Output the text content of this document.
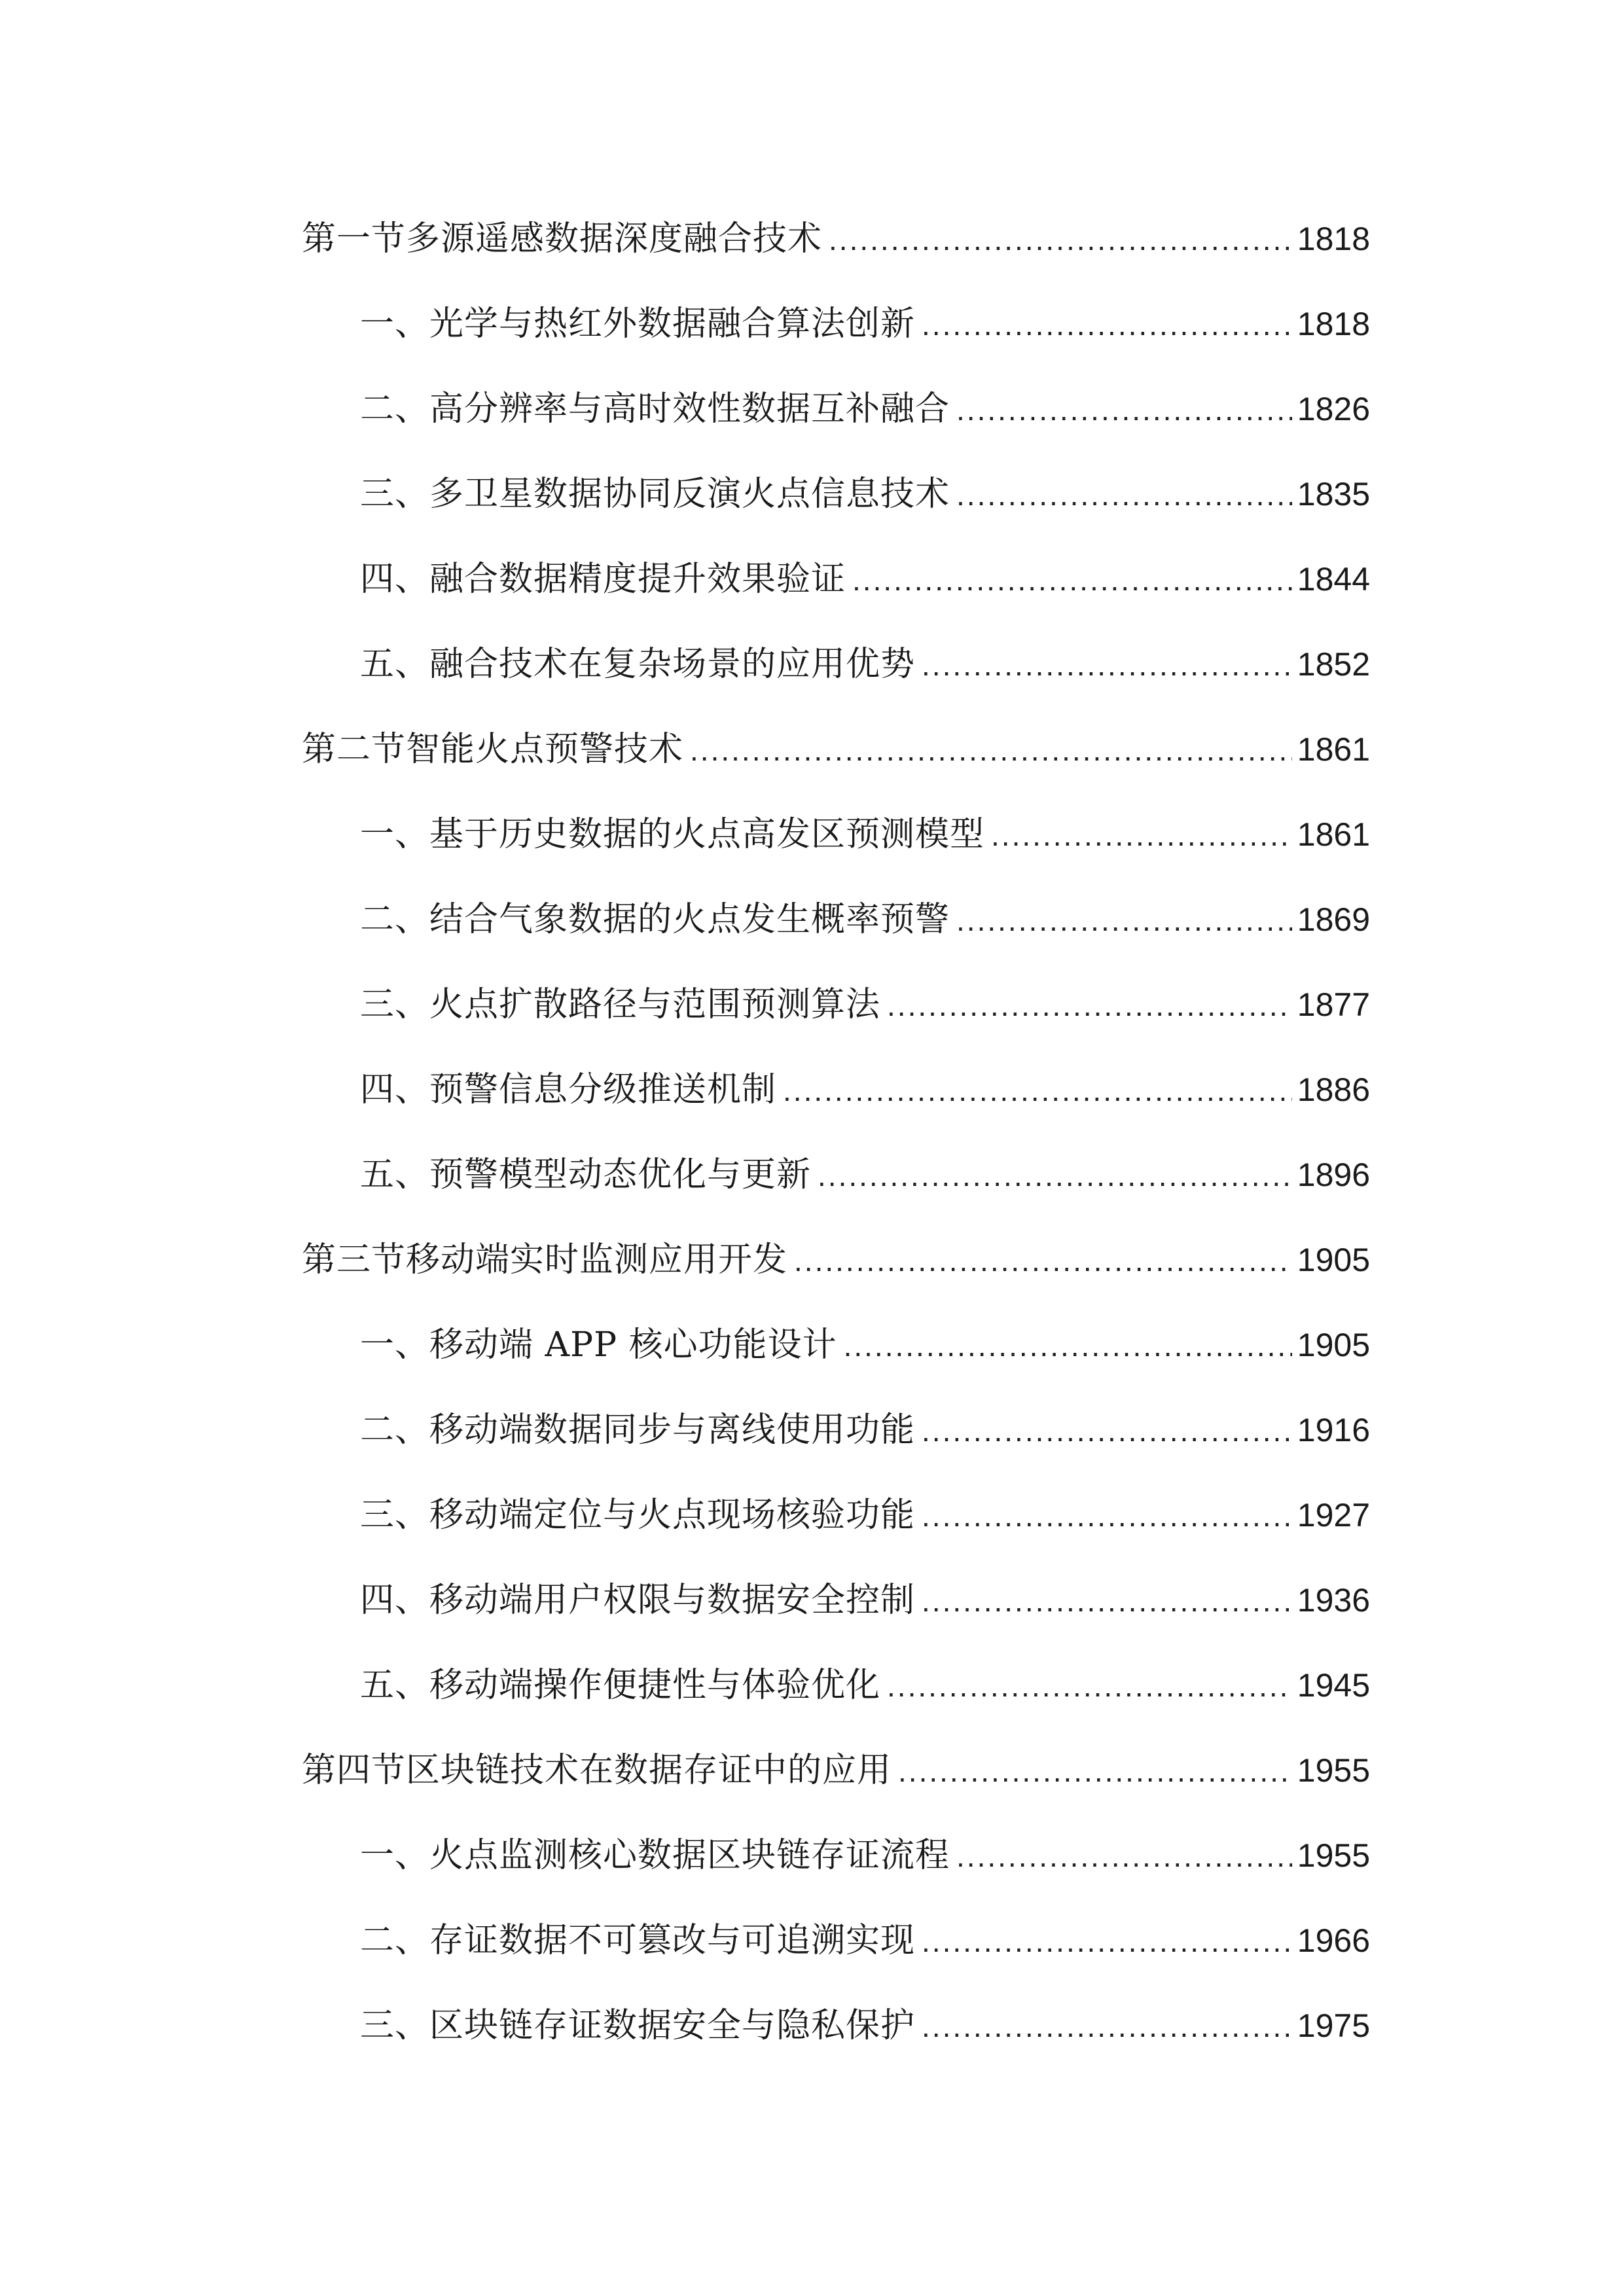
第一节多源遥感数据深度融合技术 .....	1818
一、光学与热红外数据融合算法创新 .....	1818
二、高分辨率与高时效性数据互补融合 .....	1826
三、多卫星数据协同反演火点信息技术 .....	1835
四、融合数据精度提升效果验证 .....	1844
五、融合技术在复杂场景的应用优势 .....	1852
第二节智能火点预警技术 .....	1861
一、基于历史数据的火点高发区预测模型 .....	1861
二、结合气象数据的火点发生概率预警 .....	1869
三、火点扩散路径与范围预测算法 .....	1877
四、预警信息分级推送机制 .....	1886
五、预警模型动态优化与更新 .....	1896
第三节移动端实时监测应用开发 .....	1905
一、移动端 APP 核心功能设计 .....	1905
二、移动端数据同步与离线使用功能 .....	1916
三、移动端定位与火点现场核验功能 .....	1927
四、移动端用户权限与数据安全控制 .....	1936
五、移动端操作便捷性与体验优化 .....	1945
第四节区块链技术在数据存证中的应用 .....	1955
一、火点监测核心数据区块链存证流程 .....	1955
二、存证数据不可篡改与可追溯实现 .....	1966
三、区块链存证数据安全与隐私保护 .....	1975
